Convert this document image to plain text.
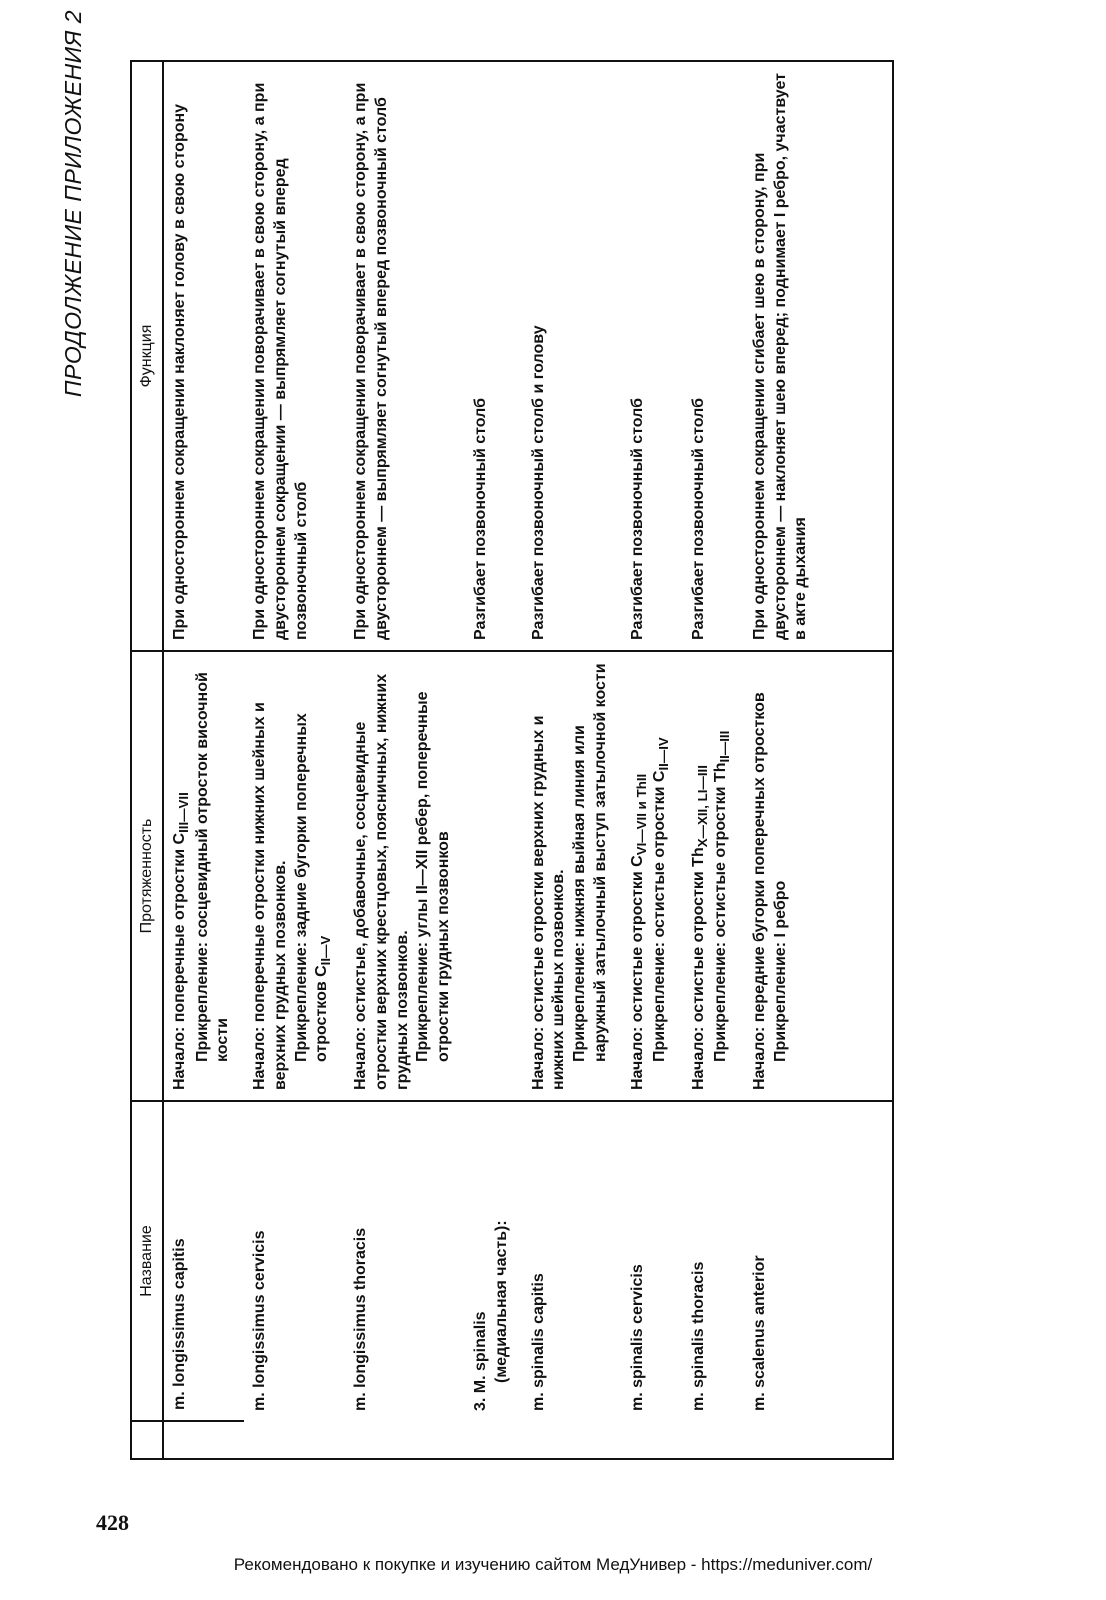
ПРОДОЛЖЕНИЕ ПРИЛОЖЕНИЯ 2
428
	Название	Протяженность	Функция
	m. longissimus capitis	Начало: поперечные отростки $C_{III—VII}$ Прикрепление: сосцевидный отросток височной кости	При одностороннем сокращении наклоняет голову в свою сторону
	m. longissimus cervicis	Начало: поперечные отростки нижних шейных и верхних грудных позвонков. Прикрепление: задние бугорки поперечных отростков $C_{II—V}$	При одностороннем сокращении поворачивает в свою сторону, а при двустороннем сокращении — выпрямляет согнутый вперед позвоночный столб
	m. longissimus thoracis	Начало: остистые, добавочные, сосцевидные отростки верхних крестцовых, поясничных, нижних грудных позвонков. Прикрепление: углы II—XII ребер, поперечные отростки грудных позвонков	При одностороннем сокращении поворачивает в свою сторону, а при двустороннем — выпрямляет согнутый вперед позвоночный столб

	3. M. spinalis (медиальная часть):		Разгибает позвоночный столб
	m. spinalis capitis	Начало: остистые отростки верхних грудных и нижних шейных позвонков. Прикрепление: нижняя выйная линия или наружный затылочный выступ затылочной кости	Разгибает позвоночный столб и голову
	m. spinalis cervicis	Начало: остистые отростки $C_{VI—VII и ThII}$ Прикрепление: остистые отростки $C_{II—IV}$	Разгибает позвоночный столб
	m. spinalis thoracis	Начало: остистые отростки $Th_{X—XII, LI—III}$ Прикрепление: остистые отростки $Th_{II—III}$	Разгибает позвоночный столб
	m. scalenus anterior	Начало: передние бугорки поперечных отростков Прикрепление: I ребро	При одностороннем сокращении сгибает шею в сторону, при двустороннем — наклоняет шею вперед; поднимает I ребро, участвует в акте дыхания
Рекомендовано к покупке и изучению сайтом МедУнивер - https://meduniver.com/
